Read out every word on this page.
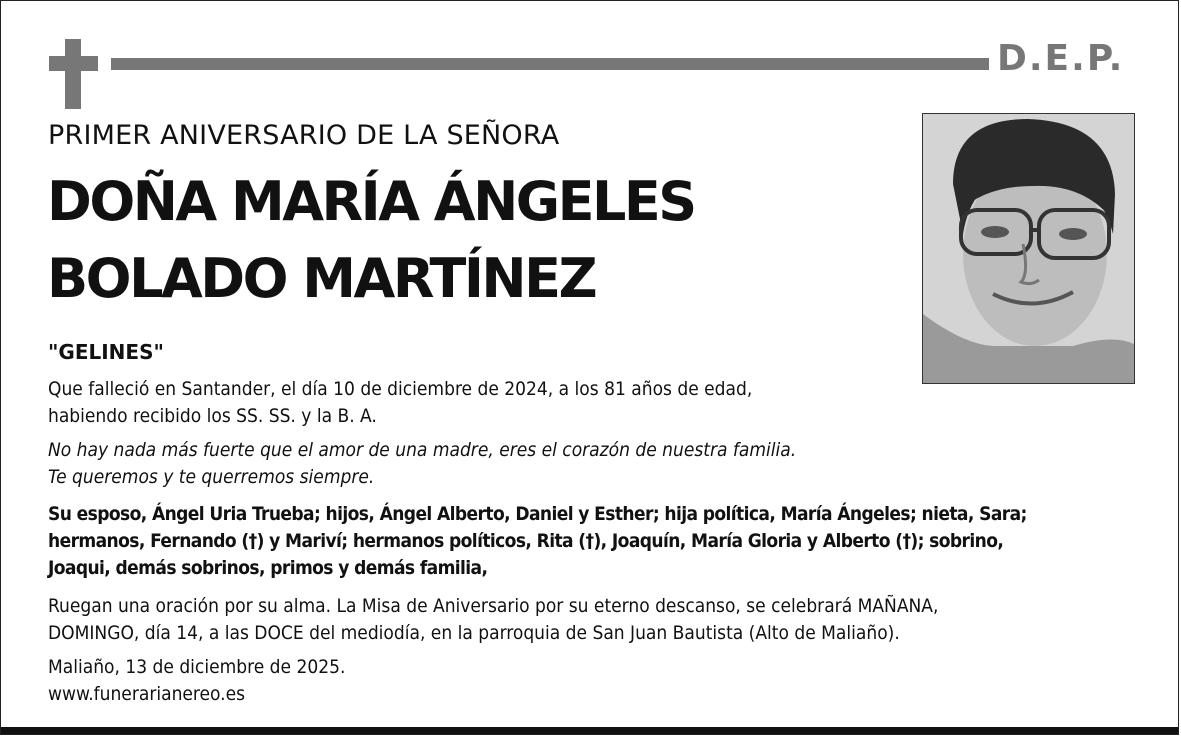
D.E.P.
PRIMER ANIVERSARIO DE LA SEÑORA
DOÑA MARÍA ÁNGELES
BOLADO MARTÍNEZ
"GELINES"
Que falleció en Santander, el día 10 de diciembre de 2024, a los 81 años de edad,
habiendo recibido los SS. SS. y la B. A.
No hay nada más fuerte que el amor de una madre, eres el corazón de nuestra familia.
Te queremos y te querremos siempre.
Su esposo, Ángel Uria Trueba; hijos, Ángel Alberto, Daniel y Esther; hija política, María Ángeles; nieta, Sara;
hermanos, Fernando (†) y Mariví; hermanos políticos, Rita (†), Joaquín, María Gloria y Alberto (†); sobrino,
Joaqui, demás sobrinos, primos y demás familia,
Ruegan una oración por su alma. La Misa de Aniversario por su eterno descanso, se celebrará MAÑANA,
DOMINGO, día 14, a las DOCE del mediodía, en la parroquia de San Juan Bautista (Alto de Maliaño).
Maliaño, 13 de diciembre de 2025.
www.funerarianereo.es
